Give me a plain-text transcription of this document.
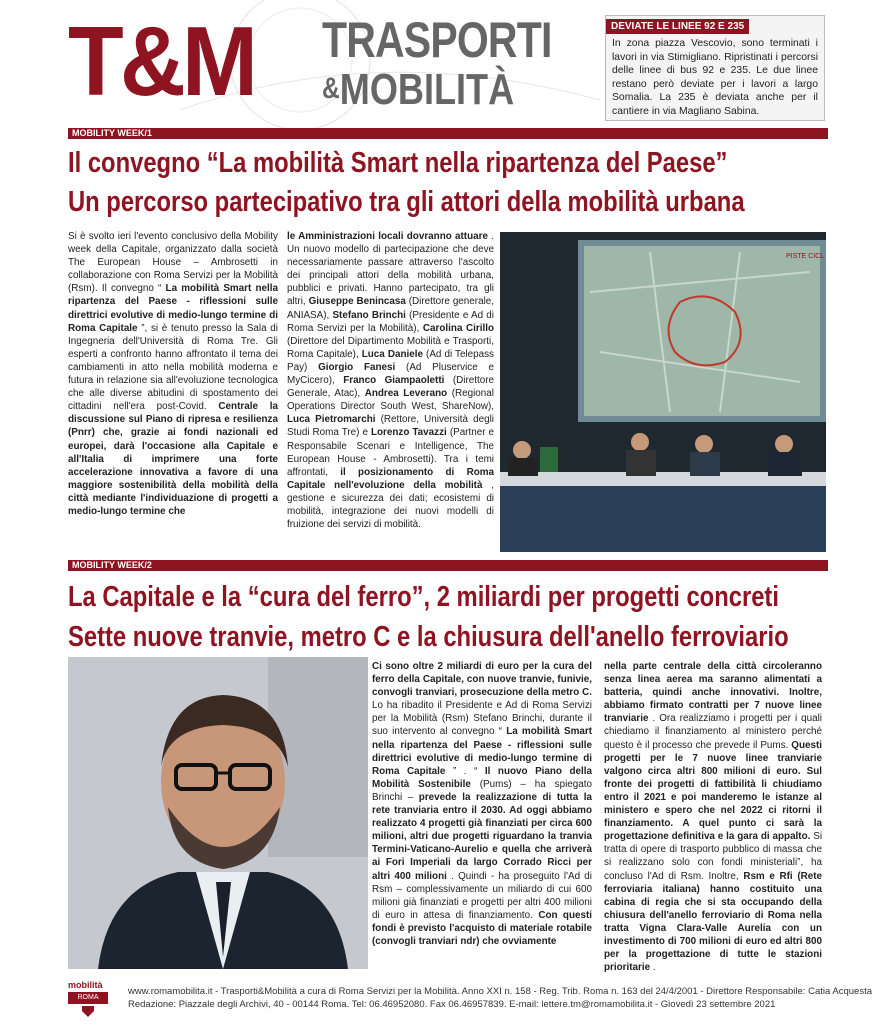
T&M TRASPORTI
&MOBILITÀ
DEVIATE LE LINEE 92 E 235
In zona piazza Vescovio, sono terminati i lavori in via Stimigliano. Ripristinati i percorsi delle linee di bus 92 e 235. Le due linee restano però deviate per i lavori a largo Somalia. La 235 è deviata anche per il cantiere in via Magliano Sabina.
MOBILITY WEEK/1
Il convegno “La mobilità Smart nella ripartenza del Paese”
Un percorso partecipativo tra gli attori della mobilità urbana
Si è svolto ieri l'evento conclusivo della Mobility week della Capitale, organizzato dalla società The European House – Ambrosetti in collaborazione con Roma Servizi per la Mobilità (Rsm). Il convegno “ La mobilità Smart nella ripartenza del Paese - riflessioni sulle direttrici evolutive di medio-lungo termine di Roma Capitale ”, si è tenuto presso la Sala di Ingegneria dell'Università di Roma Tre. Gli esperti a confronto hanno affrontato il tema dei cambiamenti in atto nella mobilità moderna e futura in relazione sia all'evoluzione tecnologica che alle diverse abitudini di spostamento dei cittadini nell'era post-Covid. Centrale la discussione sul Piano di ripresa e resilienza (Pnrr) che, grazie ai fondi nazionali ed europei, darà l'occasione alla Capitale e all'Italia di imprimere una forte accelerazione innovativa a favore di una maggiore sostenibilità della mobilità della città mediante l'individuazione di progetti a medio-lungo termine che
le Amministrazioni locali dovranno attuare . Un nuovo modello di partecipazione che deve necessariamente passare attraverso l'ascolto dei principali attori della mobilità urbana, pubblici e privati. Hanno partecipato, tra gli altri, Giuseppe Benincasa (Direttore generale, ANIASA), Stefano Brinchi (Presidente e Ad di Roma Servizi per la Mobilità), Carolina Cirillo (Direttore del Dipartimento Mobilità e Trasporti, Roma Capitale), Luca Daniele (Ad di Telepass Pay) Giorgio Fanesi (Ad Pluservice e MyCicero), Franco Giampaoletti (Direttore Generale, Atac), Andrea Leverano (Regional Operations Director South West, ShareNow), Luca Pietromarchi (Rettore, Università degli Studi Roma Tre) e Lorenzo Tavazzi (Partner e Responsabile Scenari e Intelligence, The European House - Ambrosetti). Tra i temi affrontati, il posizionamento di Roma Capitale nell'evoluzione della mobilità , gestione e sicurezza dei dati; ecosistemi di mobilità, integrazione dei nuovi modelli di fruizione dei servizi di mobilità.
PISTE CICL
MOBILITY WEEK/2
La Capitale e la “cura del ferro”, 2 miliardi per progetti concreti
Sette nuove tranvie, metro C e la chiusura dell'anello ferroviario
Ci sono oltre 2 miliardi di euro per la cura del ferro della Capitale, con nuove tranvie, funivie, convogli tranviari, prosecuzione della metro C. Lo ha ribadito il Presidente e Ad di Roma Servizi per la Mobilità (Rsm) Stefano Brinchi, durante il suo intervento al convegno “ La mobilità Smart nella ripartenza del Paese - riflessioni sulle direttrici evolutive di medio-lungo termine di Roma Capitale ” . “ Il nuovo Piano della Mobilità Sostenibile (Pums) – ha spiegato Brinchi – prevede la realizzazione di tutta la rete tranviaria entro il 2030. Ad oggi abbiamo realizzato 4 progetti già finanziati per circa 600 milioni, altri due progetti riguardano la tranvia Termini-Vaticano-Aurelio e quella che arriverà ai Fori Imperiali da largo Corrado Ricci per altri 400 milioni . Quindi - ha proseguito l'Ad di Rsm – complessivamente un miliardo di cui 600 milioni già finanziati e progetti per altri 400 milioni di euro in attesa di finanziamento. Con questi fondi è previsto l'acquisto di materiale rotabile (convogli tranviari ndr) che ovviamente
nella parte centrale della città circoleranno senza linea aerea ma saranno alimentati a batteria, quindi anche innovativi. Inoltre, abbiamo firmato contratti per 7 nuove linee tranviarie . Ora realizziamo i progetti per i quali chiediamo il finanziamento al ministero perché questo è il processo che prevede il Pums. Questi progetti per le 7 nuove linee tranviarie valgono circa altri 800 milioni di euro. Sul fronte dei progetti di fattibilità li chiudiamo entro il 2021 e poi manderemo le istanze al ministero e spero che nel 2022 ci ritorni il finanziamento. A quel punto ci sarà la progettazione definitiva e la gara di appalto. Si tratta di opere di trasporto pubblico di massa che si realizzano solo con fondi ministeriali”, ha concluso l'Ad di Rsm. Inoltre, Rsm e Rfi (Rete ferroviaria italiana) hanno costituito una cabina di regia che si sta occupando della chiusura dell'anello ferroviario di Roma nella tratta Vigna Clara-Valle Aurelia con un investimento di 700 milioni di euro ed altri 800 per la progettazione di tutte le stazioni prioritarie .
mobilità
ROMA
www.romamobilita.it - Trasporti&Mobilità a cura di Roma Servizi per la Mobilità. Anno XXI n. 158 - Reg. Trib. Roma n. 163 del 24/4/2001 - Direttore Responsabile: Catia Acquesta
Redazione: Piazzale degli Archivi, 40 - 00144 Roma. Tel: 06.46952080. Fax 06.46957839. E-mail: lettere.tm@romamobilita.it - Giovedì 23 settembre 2021
